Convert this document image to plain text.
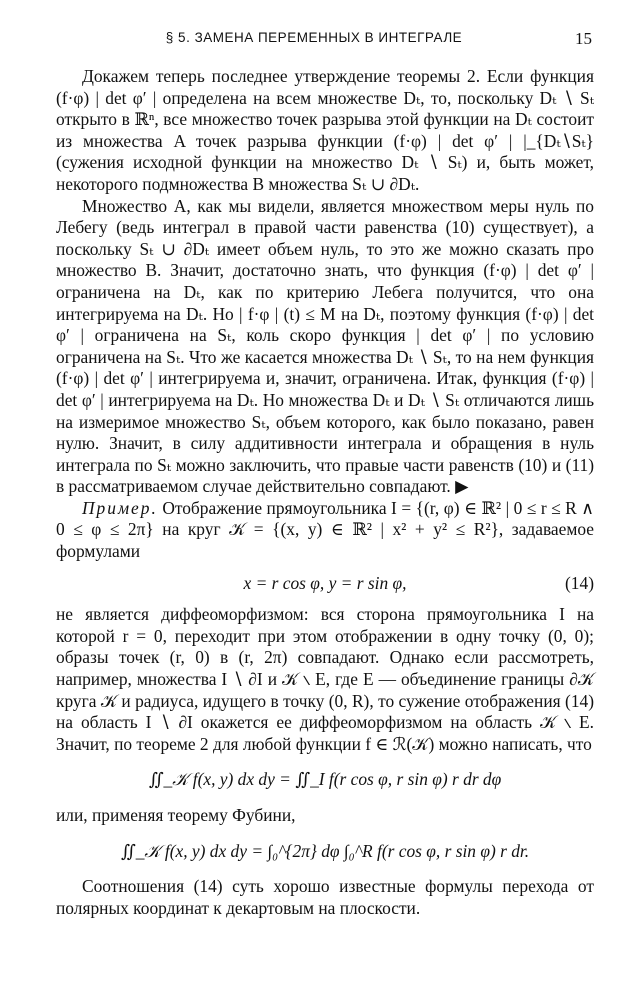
§ 5. ЗАМЕНА ПЕРЕМЕННЫХ В ИНТЕГРАЛЕ	15

Докажем теперь последнее утверждение теоремы 2. Если функция (f·φ) | det φ′ | определена на всем множестве Dₜ, то, поскольку Dₜ ∖ Sₜ открыто в ℝⁿ, все множество точек разрыва этой функции на Dₜ состоит из множества A точек разрыва функции (f·φ) | det φ′ | |_{Dₜ∖Sₜ} (сужения исходной функции на множество Dₜ ∖ Sₜ) и, быть может, некоторого подмножества B множества Sₜ ∪ ∂Dₜ.

Множество A, как мы видели, является множеством меры нуль по Лебегу (ведь интеграл в правой части равенства (10) существует), а поскольку Sₜ ∪ ∂Dₜ имеет объем нуль, то это же можно сказать про множество B. Значит, достаточно знать, что функция (f·φ) | det φ′ | ограничена на Dₜ, как по критерию Лебега получится, что она интегрируема на Dₜ. Но | f·φ | (t) ≤ M на Dₜ, поэтому функция (f·φ) | det φ′ | ограничена на Sₜ, коль скоро функция | det φ′ | по условию ограничена на Sₜ. Что же касается множества Dₜ ∖ Sₜ, то на нем функция (f·φ) | det φ′ | интегрируема и, значит, ограничена. Итак, функция (f·φ) | det φ′ | интегрируема на Dₜ. Но множества Dₜ и Dₜ ∖ Sₜ отличаются лишь на измеримое множество Sₜ, объем которого, как было показано, равен нулю. Значит, в силу аддитивности интеграла и обращения в нуль интеграла по Sₜ можно заключить, что правые части равенств (10) и (11) в рассматриваемом случае действительно совпадают. ▶

Пример. Отображение прямоугольника I = {(r, φ) ∈ ℝ² | 0 ≤ r ≤ R ∧ 0 ≤ φ ≤ 2π} на круг 𝒦 = {(x, y) ∈ ℝ² | x² + y² ≤ R²}, задаваемое формулами

x = r cos φ, y = r sin φ,	(14)

не является диффеоморфизмом: вся сторона прямоугольника I на которой r = 0, переходит при этом отображении в одну точку (0, 0); образы точек (r, 0) в (r, 2π) совпадают. Однако если рассмотреть, например, множества I ∖ ∂I и 𝒦 ∖ E, где E — объединение границы ∂𝒦 круга 𝒦 и радиуса, идущего в точку (0, R), то сужение отображения (14) на область I ∖ ∂I окажется ее диффеоморфизмом на область 𝒦 ∖ E. Значит, по теореме 2 для любой функции f ∈ ℛ(𝒦) можно написать, что

∬_𝒦 f(x, y) dx dy = ∬_I f(r cos φ, r sin φ) r dr dφ

или, применяя теорему Фубини,

∬_𝒦 f(x, y) dx dy = ∫₀^{2π} dφ ∫₀^R f(r cos φ, r sin φ) r dr.

Соотношения (14) суть хорошо известные формулы перехода от полярных координат к декартовым на плоскости.
